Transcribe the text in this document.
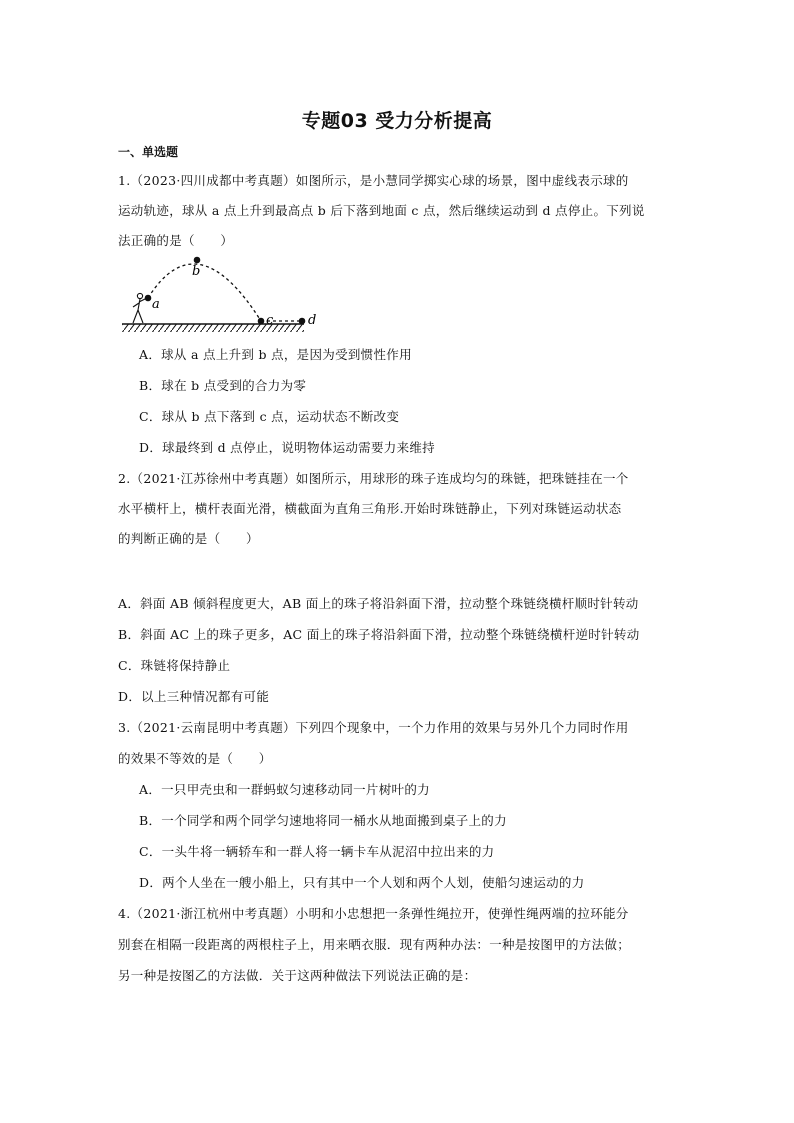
专题03 受力分析提高
一、单选题
1.（2023·四川成都中考真题）如图所示，是小慧同学掷实心球的场景，图中虚线表示球的
运动轨迹，球从 a 点上升到最高点 b 后下落到地面 c 点，然后继续运动到 d 点停止。下列说
法正确的是（　　）
a
b
c	d
A．球从 a 点上升到 b 点，是因为受到惯性作用
B．球在 b 点受到的合力为零
C．球从 b 点下落到 c 点，运动状态不断改变
D．球最终到 d 点停止，说明物体运动需要力来维持
2.（2021·江苏徐州中考真题）如图所示，用球形的珠子连成均匀的珠链，把珠链挂在一个
水平横杆上，横杆表面光滑，横截面为直角三角形.开始时珠链静止，下列对珠链运动状态
的判断正确的是（　　）
A．斜面 AB 倾斜程度更大，AB 面上的珠子将沿斜面下滑，拉动整个珠链绕横杆顺时针转动
B．斜面 AC 上的珠子更多，AC 面上的珠子将沿斜面下滑，拉动整个珠链绕横杆逆时针转动
C．珠链将保持静止
D．以上三种情况都有可能
3.（2021·云南昆明中考真题）下列四个现象中，一个力作用的效果与另外几个力同时作用
的效果不等效的是（　　）
A．一只甲壳虫和一群蚂蚁匀速移动同一片树叶的力
B．一个同学和两个同学匀速地将同一桶水从地面搬到桌子上的力
C．一头牛将一辆轿车和一群人将一辆卡车从泥沼中拉出来的力
D．两个人坐在一艘小船上，只有其中一个人划和两个人划，使船匀速运动的力
4.（2021·浙江杭州中考真题）小明和小忠想把一条弹性绳拉开，使弹性绳两端的拉环能分
别套在相隔一段距离的两根柱子上，用来晒衣服．现有两种办法：一种是按图甲的方法做；
另一种是按图乙的方法做．关于这两种做法下列说法正确的是：
